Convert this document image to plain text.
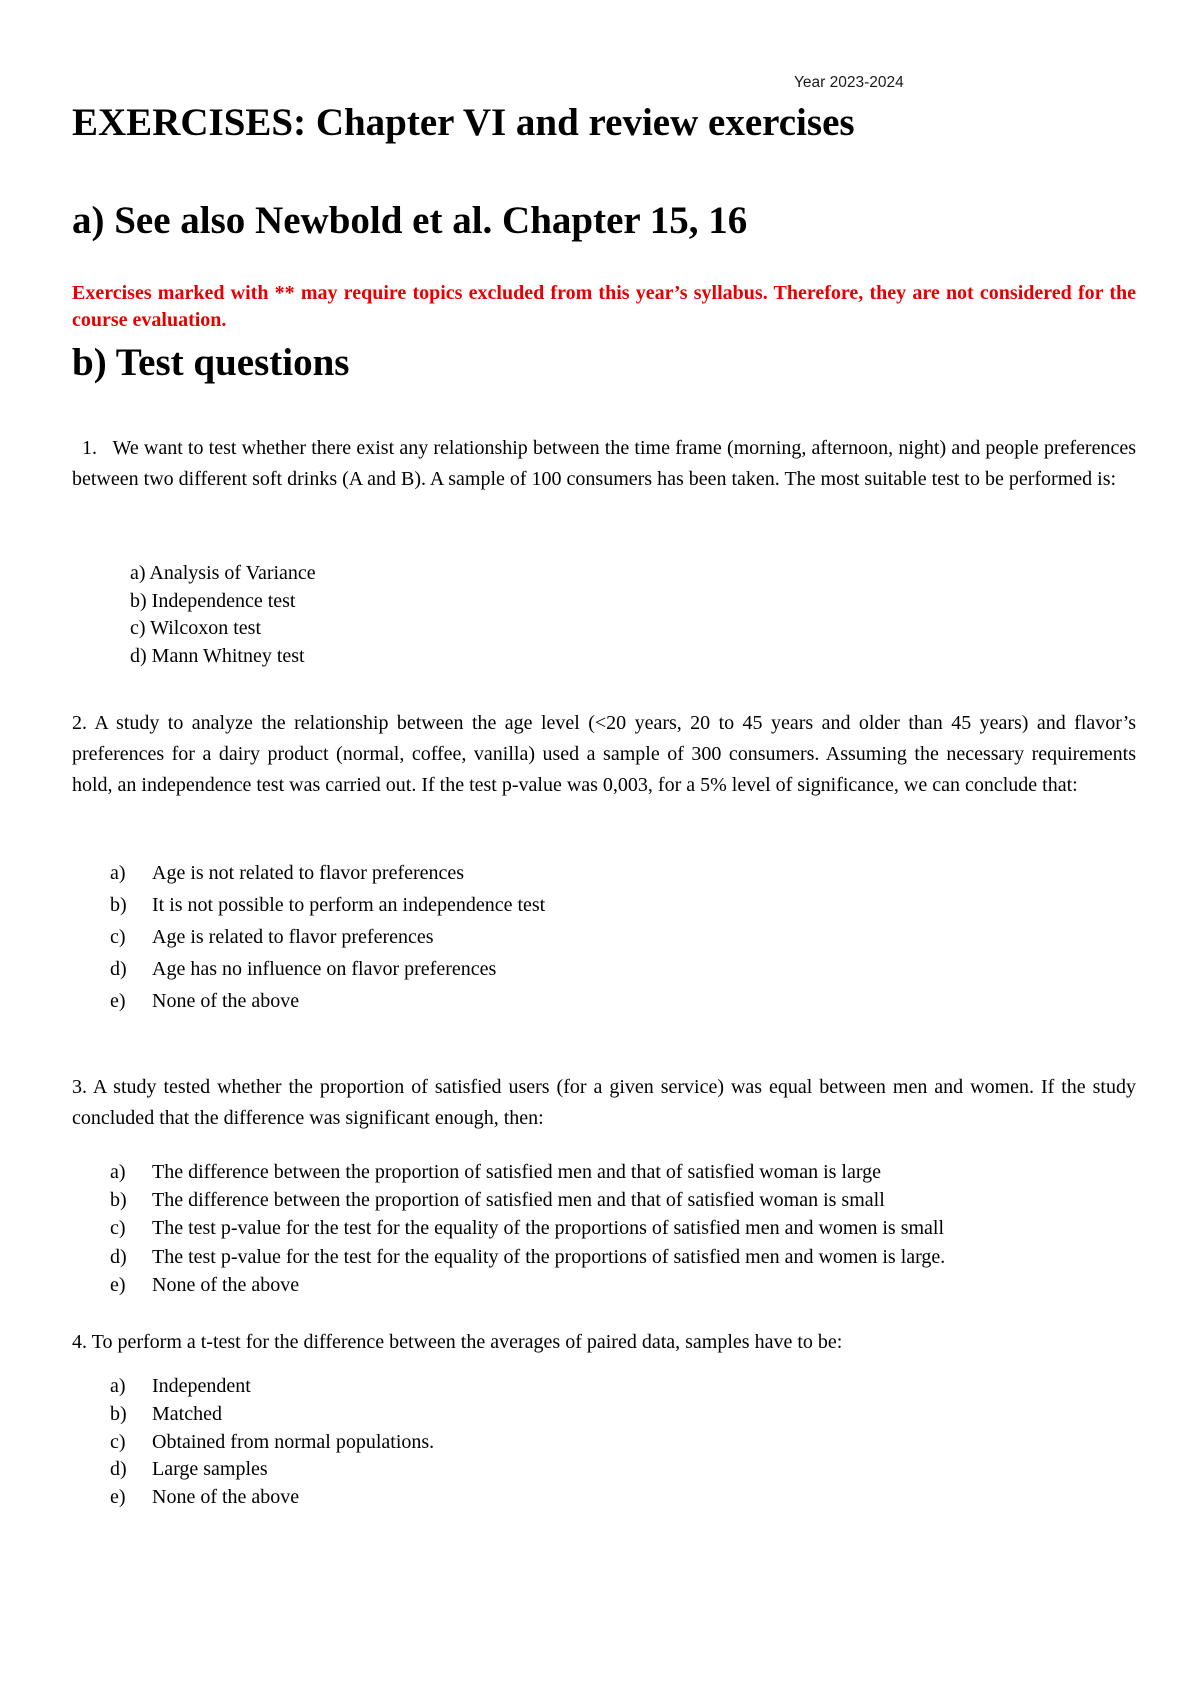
Year 2023-2024
EXERCISES: Chapter VI and review exercises
a) See also Newbold et al. Chapter 15, 16

Exercises marked with ** may require topics excluded from this year’s syllabus. Therefore, they are not considered for the course evaluation.

b) Test questions
1. We want to test whether there exist any relationship between the time frame (morning, afternoon, night) and people preferences between two different soft drinks (A and B). A sample of 100 consumers has been taken. The most suitable test to be performed is:
a) Analysis of Variance
b) Independence test
c) Wilcoxon test
d) Mann Whitney test
2. A study to analyze the relationship between the age level (<20 years, 20 to 45 years and older than 45 years) and flavor’s preferences for a dairy product (normal, coffee, vanilla) used a sample of 300 consumers. Assuming the necessary requirements hold, an independence test was carried out. If the test p-value was 0,003, for a 5% level of significance, we can conclude that:
a) Age is not related to flavor preferences
b) It is not possible to perform an independence test
c) Age is related to flavor preferences
d) Age has no influence on flavor preferences
e) None of the above
3. A study tested whether the proportion of satisfied users (for a given service) was equal between men and women. If the study concluded that the difference was significant enough, then:
a) The difference between the proportion of satisfied men and that of satisfied woman is large
b) The difference between the proportion of satisfied men and that of satisfied woman is small
c) The test p-value for the test for the equality of the proportions of satisfied men and women is small
d) The test p-value for the test for the equality of the proportions of satisfied men and women is large.
e) None of the above
4. To perform a t-test for the difference between the averages of paired data, samples have to be:
a) Independent
b) Matched
c) Obtained from normal populations.
d) Large samples
e) None of the above
